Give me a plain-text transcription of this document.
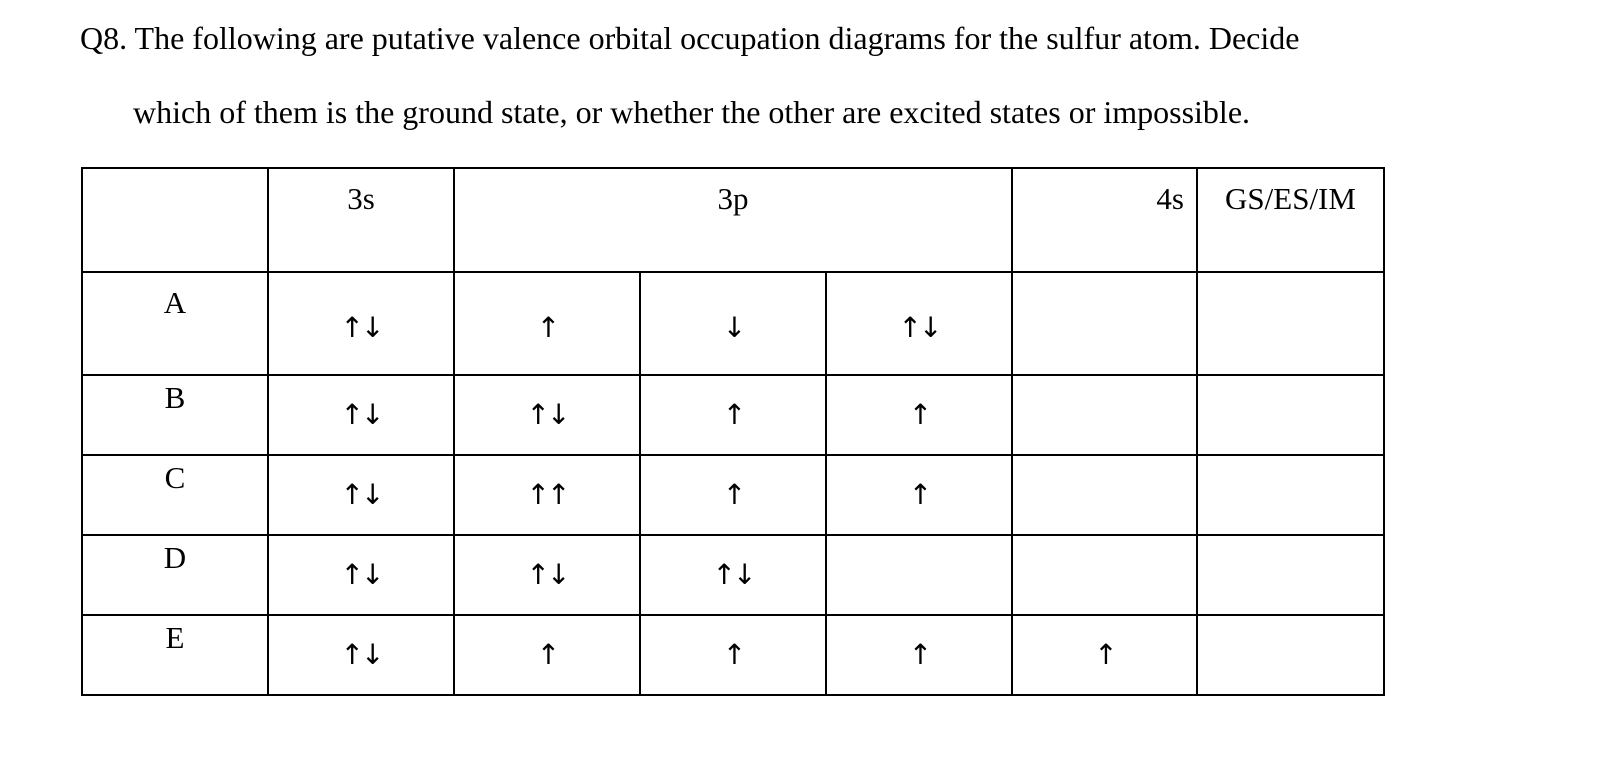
Q8. The following are putative valence orbital occupation diagrams for the sulfur atom. Decide
which of them is the ground state, or whether the other are excited states or impossible.

	3s	3p			4s	GS/ES/IM

A	↑↓	↑	↓	↑↓		

B	↑↓	↑↓	↑	↑		

C	↑↓	↑↑	↑	↑		

D	↑↓	↑↓	↑↓			

E	↑↓	↑	↑	↑	↑	
